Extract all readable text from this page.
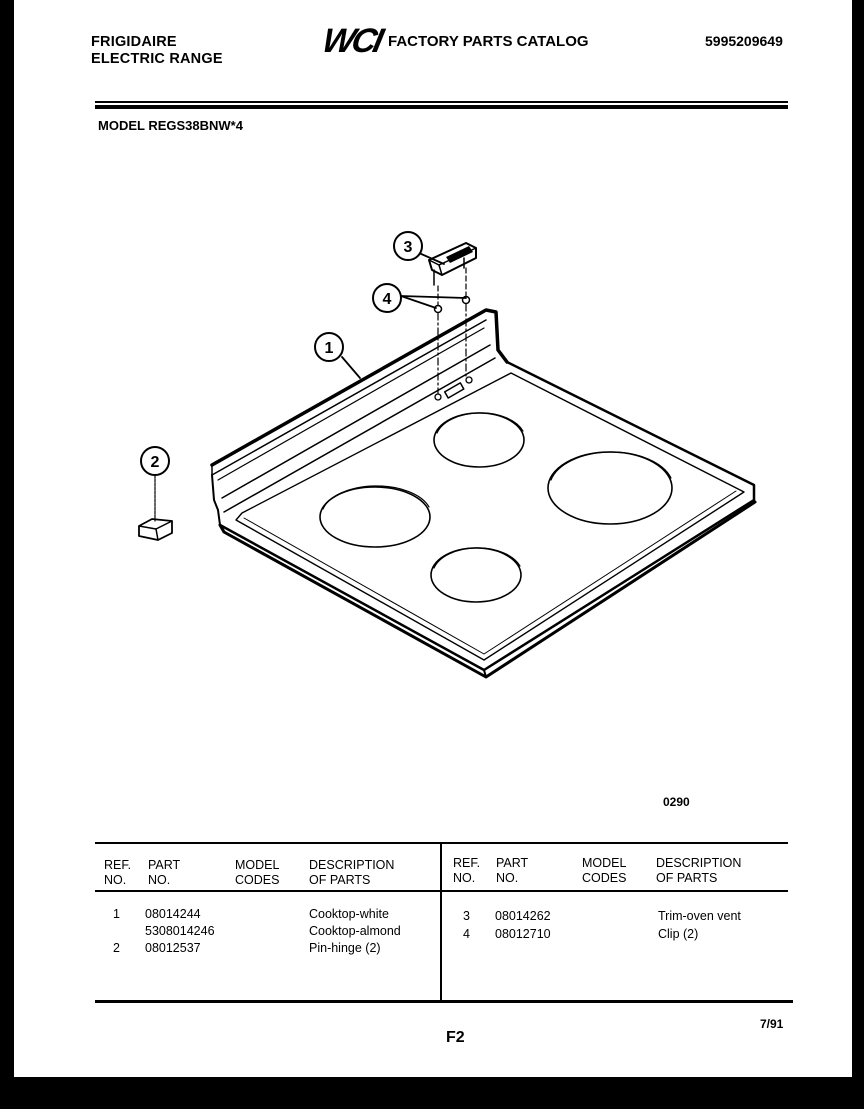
FRIGIDAIRE
ELECTRIC RANGE	WCI FACTORY PARTS CATALOG	5995209649
MODEL REGS38BNW*4
1
2
3
4
0290
REF.
NO.
PART
NO.
MODEL
CODES
DESCRIPTION
OF PARTS
REF.
NO.
PART
NO.
MODEL
CODES
DESCRIPTION
OF PARTS
1 08014244	Cooktop-white
5308014246	Cooktop-almond
2 08012537	Pin-hinge (2)
3 08014262	Trim-oven vent
4 08012710	Clip (2)
F2
7/91
